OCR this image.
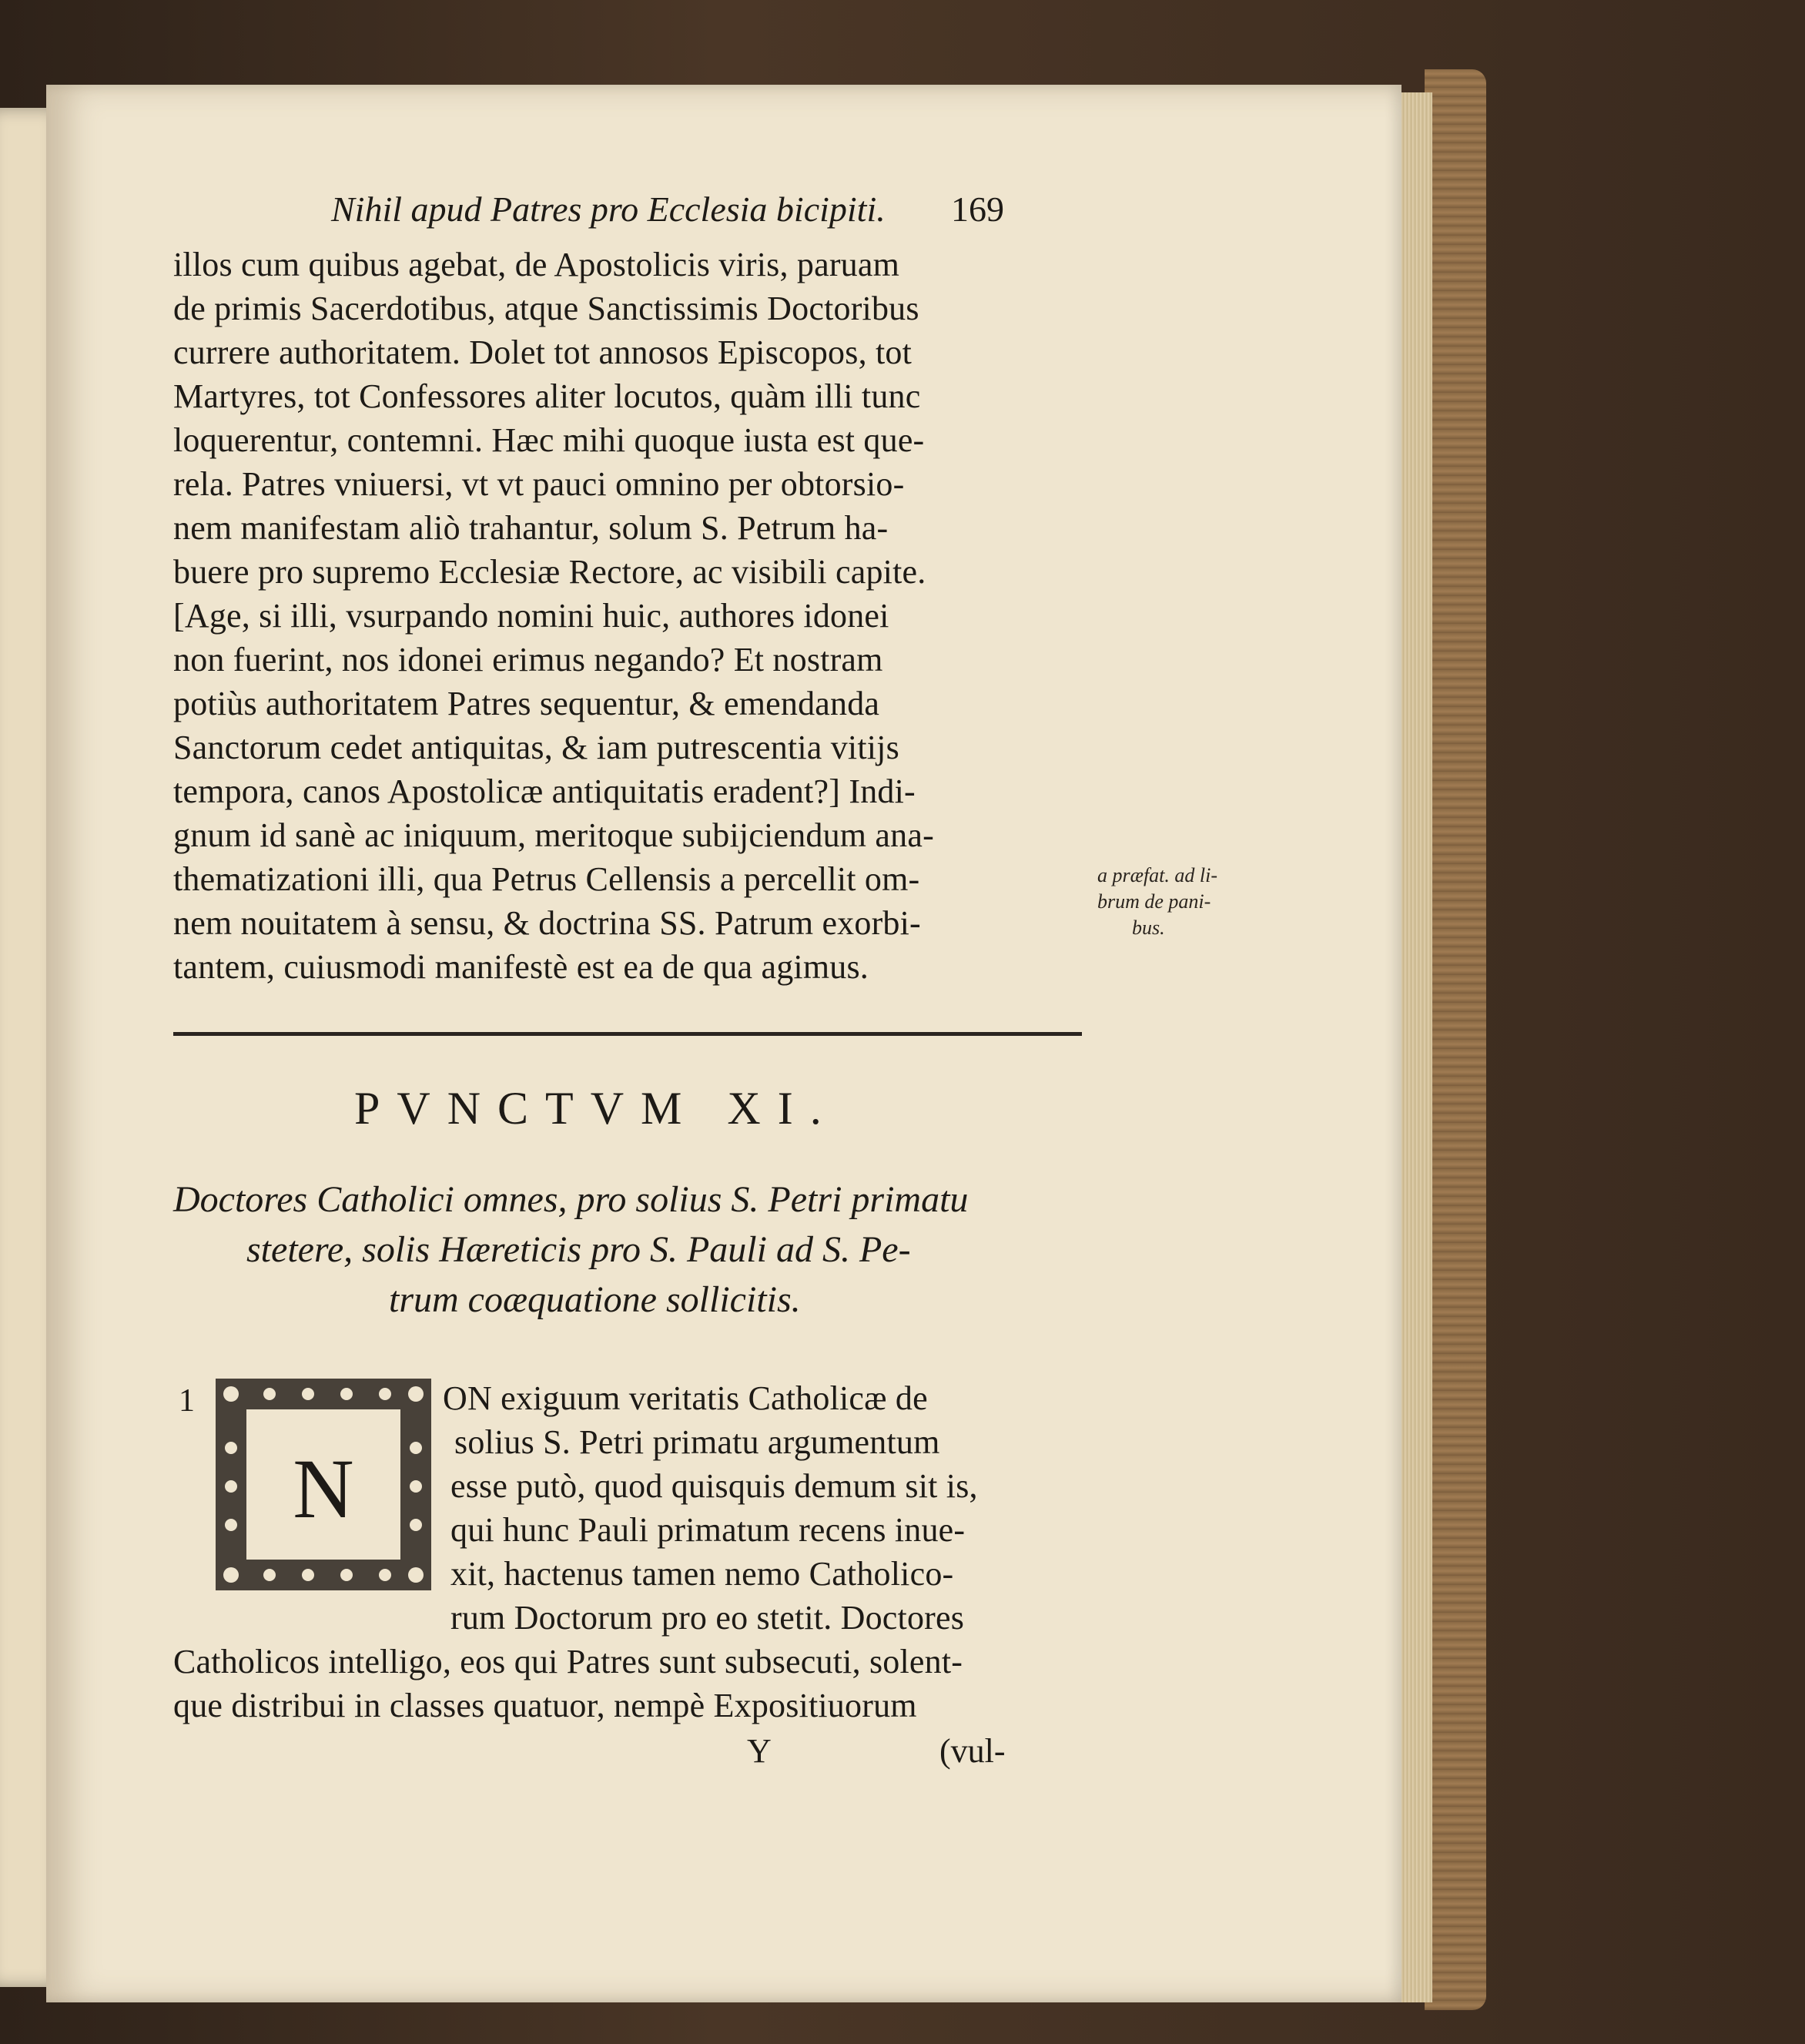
Nihil apud Patres pro Ecclesia bicipiti. 169
illos cum quibus agebat, de Apostolicis viris, paruam
de primis Sacerdotibus, atque Sanctissimis Doctoribus
currere authoritatem. Dolet tot annosos Episcopos, tot
Martyres, tot Confessores aliter locutos, quàm illi tunc
loquerentur, contemni. Hæc mihi quoque iusta est que-
rela. Patres vniuersi, vt vt pauci omnino per obtorsio-
nem manifestam aliò trahantur, solum S. Petrum ha-
buere pro supremo Ecclesiæ Rectore, ac visibili capite.
[Age, si illi, vsurpando nomini huic, authores idonei
non fuerint, nos idonei erimus negando? Et nostram
potiùs authoritatem Patres sequentur, & emendanda
Sanctorum cedet antiquitas, & iam putrescentia vitijs
tempora, canos Apostolicæ antiquitatis eradent?] Indi-
gnum id sanè ac iniquum, meritoque subijciendum ana-
thematizationi illi, qua Petrus Cellensis a percellit om-
nem nouitatem à sensu, & doctrina SS. Patrum exorbi-
tantem, cuiusmodi manifestè est ea de qua agimus.
a præfat. ad li-
brum de pani-
bus.
PVNCTVM XI.
Doctores Catholici omnes, pro solius S. Petri primatu
stetere, solis Hæreticis pro S. Pauli ad S. Pe-
trum coæquatione sollicitis.
1
N
ON exiguum veritatis Catholicæ de
solius S. Petri primatu argumentum
esse putò, quod quisquis demum sit is,
qui hunc Pauli primatum recens inue-
xit, hactenus tamen nemo Catholico-
rum Doctorum pro eo stetit. Doctores
Catholicos intelligo, eos qui Patres sunt subsecuti, solent-
que distribui in classes quatuor, nempè Expositiuorum
Y	(vul-
